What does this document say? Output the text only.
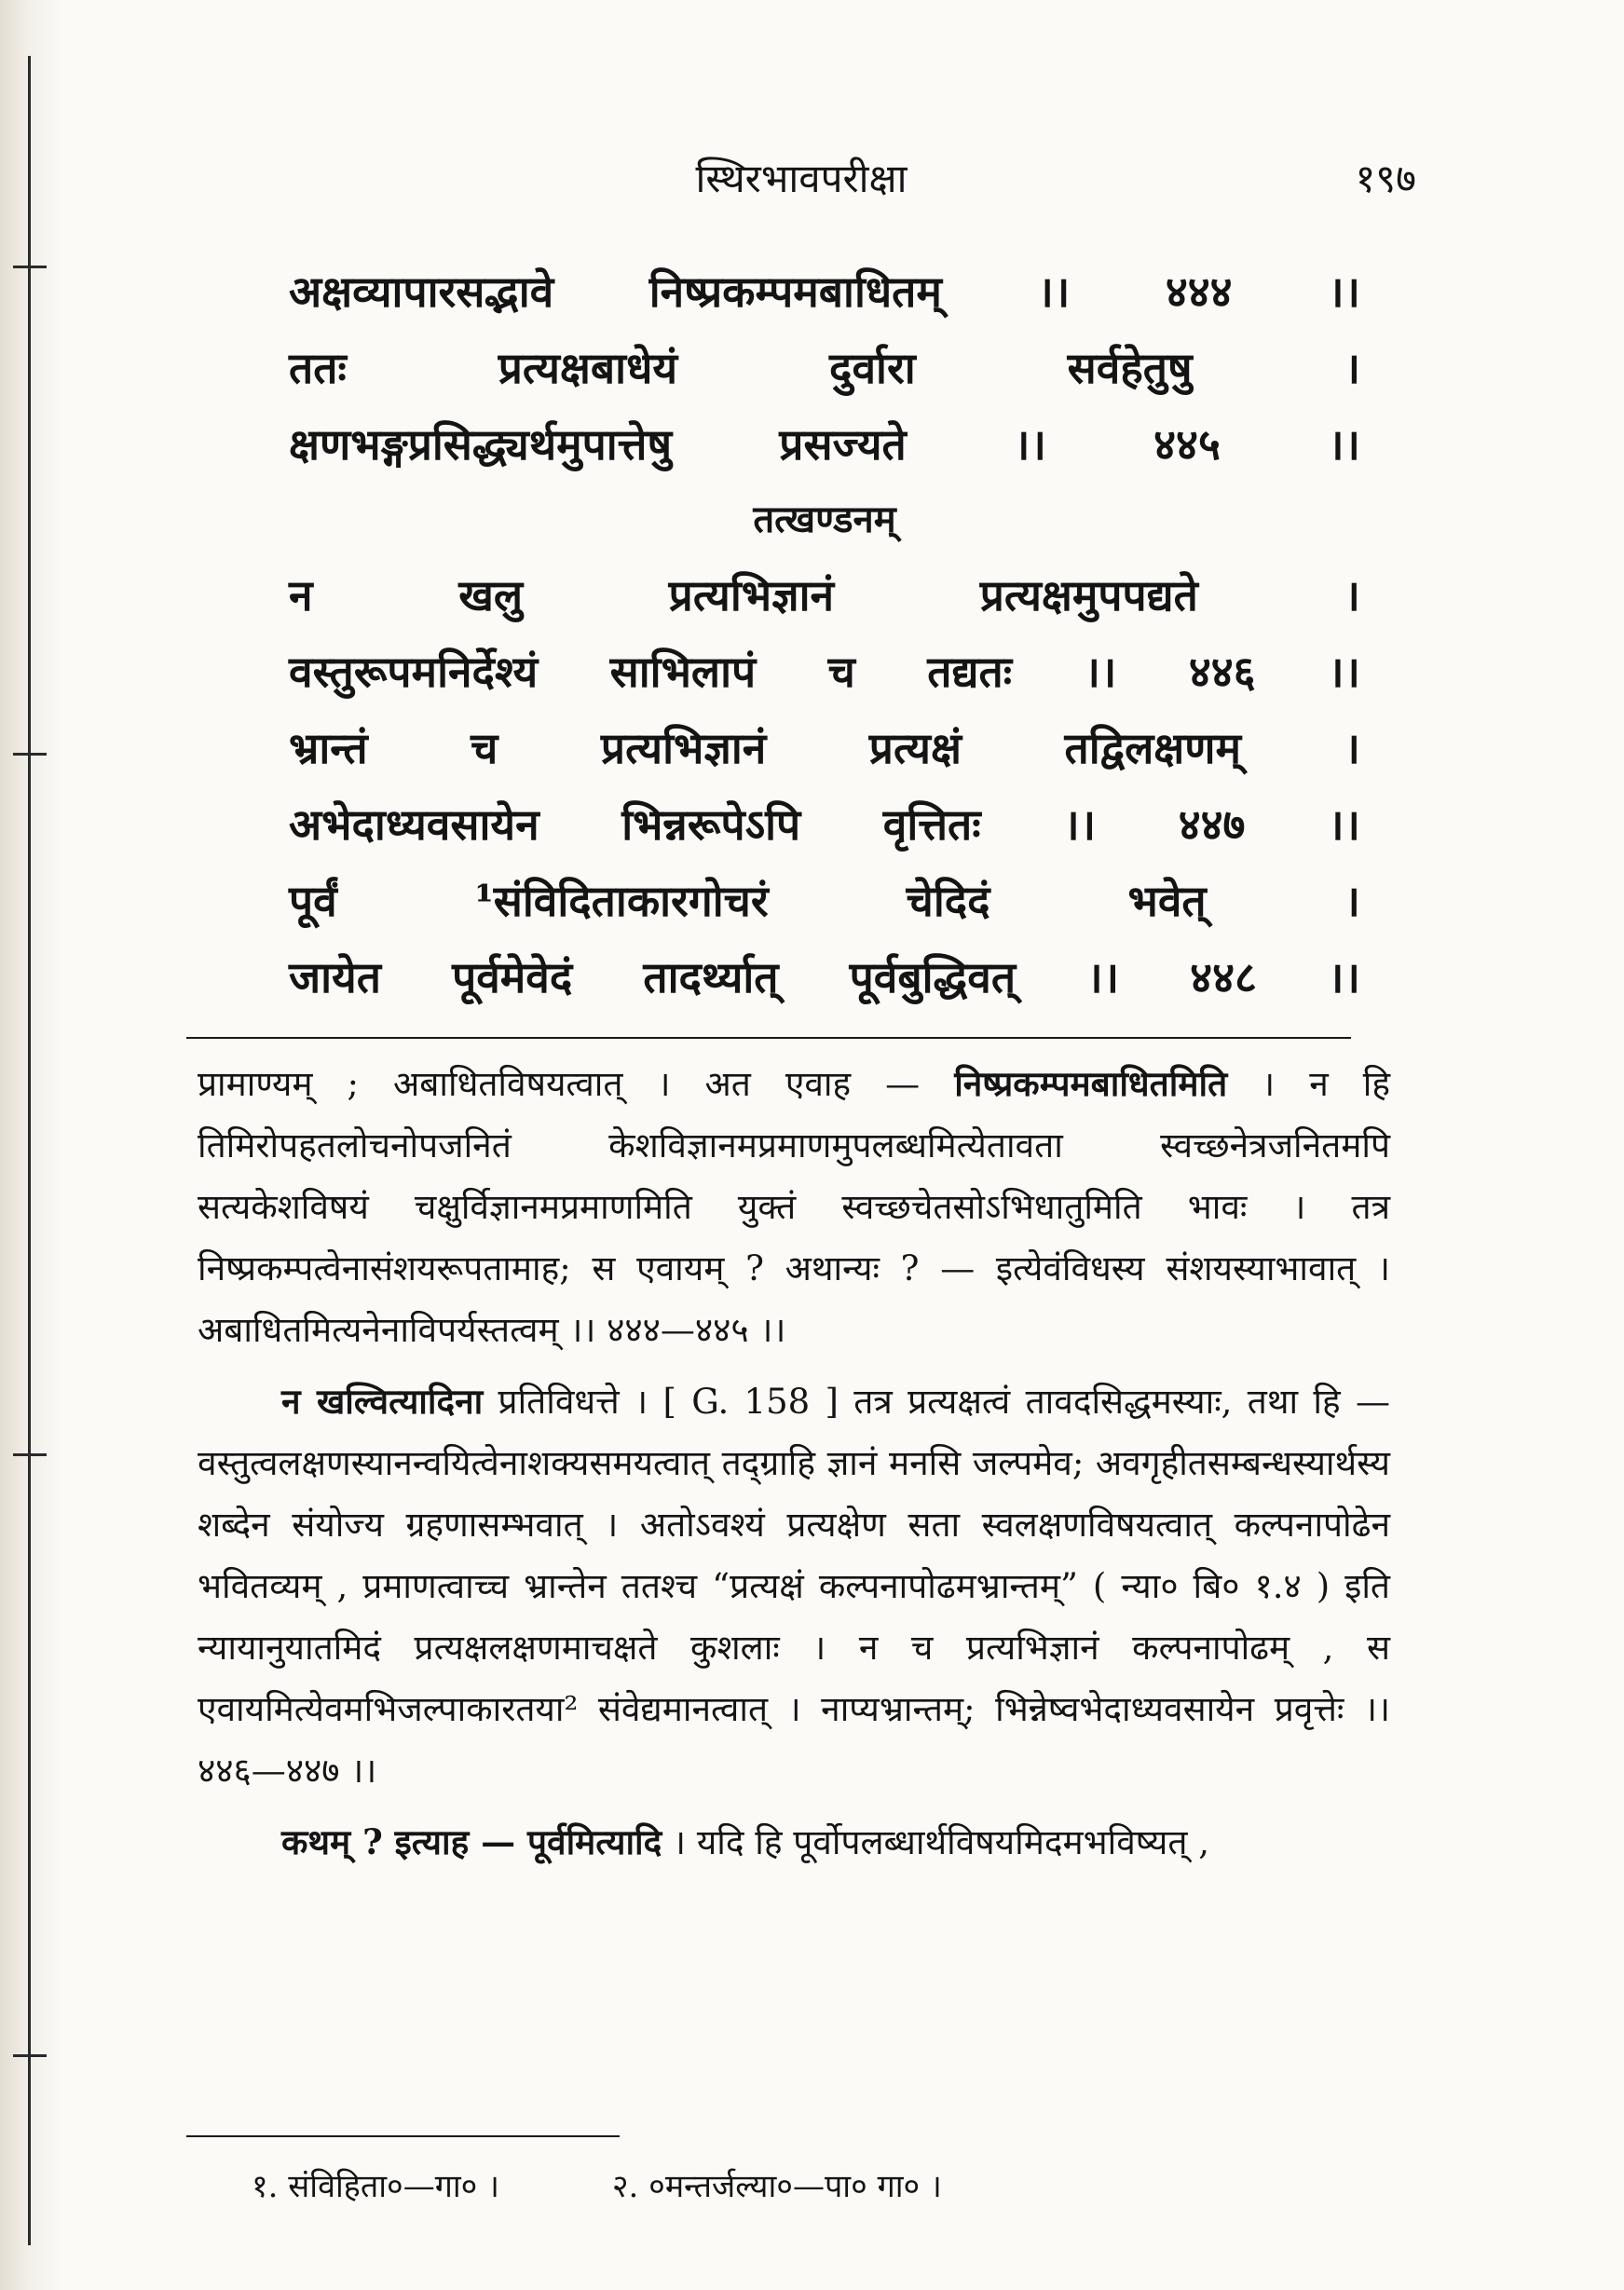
स्थिरभावपरीक्षा	१९७
अक्षव्यापारसद्भावे निष्प्रकम्पमबाधितम् ।। ४४४ ।।
ततः	प्रत्यक्षबाधेयं	दुर्वारा	सर्वहेतुषु	।
क्षणभङ्गप्रसिद्ध्यर्थमुपात्तेषु	प्रसज्यते	।।	४४५	।।
तत्खण्डनम्
न	खलु	प्रत्यभिज्ञानं	प्रत्यक्षमुपपद्यते	।
वस्तुरूपमनिर्देश्यं साभिलापं च तद्यतः ।। ४४६ ।।
भ्रान्तं च प्रत्यभिज्ञानं प्रत्यक्षं तद्विलक्षणम् ।
अभेदाध्यवसायेन भिन्नरूपेऽपि वृत्तितः ।। ४४७ ।।
पूर्वं	¹संविदिताकारगोचरं	चेदिदं	भवेत्	।
जायेत पूर्वमेवेदं तादर्थ्यात् पूर्वबुद्धिवत् ।। ४४८ ।।

प्रामाण्यम् ; अबाधितविषयत्वात् । अत एवाह — निष्प्रकम्पमबाधितमिति । न हि तिमिरोपहतलोचनोपजनितं केशविज्ञानमप्रमाणमुपलब्धमित्येतावता स्वच्छनेत्रजनितमपि सत्यकेशविषयं चक्षुर्विज्ञानमप्रमाणमिति युक्तं स्वच्छचेतसोऽभिधातुमिति भावः । तत्र निष्प्रकम्पत्वेनासंशयरूपतामाह; स एवायम् ? अथान्यः ? — इत्येवंविधस्य संशयस्याभावात् । अबाधितमित्यनेनाविपर्यस्तत्वम् ।। ४४४—४४५ ।।

न खल्वित्यादिना प्रतिविधत्ते । [ G. 158 ] तत्र प्रत्यक्षत्वं तावदसिद्धमस्याः, तथा हि — वस्तुत्वलक्षणस्यानन्वयित्वेनाशक्यसमयत्वात् तद्ग्राहि ज्ञानं मनसि जल्पमेव; अवगृहीतसम्बन्धस्यार्थस्य शब्देन संयोज्य ग्रहणासम्भवात् । अतोऽवश्यं प्रत्यक्षेण सता स्वलक्षणविषयत्वात् कल्पनापोढेन भवितव्यम् , प्रमाणत्वाच्च भ्रान्तेन ततश्च “प्रत्यक्षं कल्पनापोढमभ्रान्तम्” ( न्या० बि० १.४ ) इति न्यायानुयातमिदं प्रत्यक्षलक्षणमाचक्षते कुशलाः । न च प्रत्यभिज्ञानं कल्पनापोढम् , स एवायमित्येवमभिजल्पाकारतया² संवेद्यमानत्वात् । नाप्यभ्रान्तम्; भिन्नेष्वभेदाध्यवसायेन प्रवृत्तेः ।। ४४६—४४७ ।।

कथम् ? इत्याह — पूर्वमित्यादि । यदि हि पूर्वोपलब्धार्थविषयमिदमभविष्यत् ,

१. संविहिता०—गा० ।	२. ०मन्तर्जल्या०—पा० गा० ।
